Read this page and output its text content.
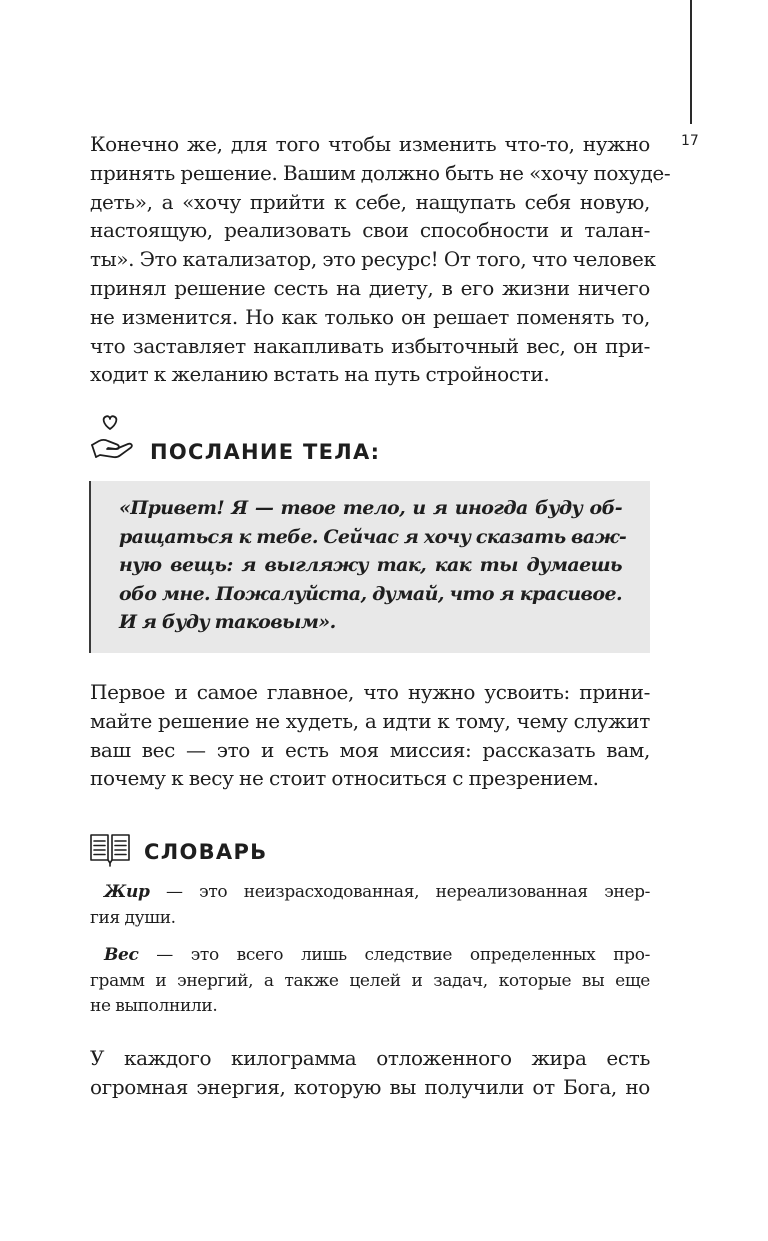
17

Конечно же, для того чтобы изменить что-то, нужно
принять решение. Вашим должно быть не «хочу похуде-
деть», а «хочу прийти к себе, нащупать себя новую,
настоящую, реализовать свои способности и талан-
ты». Это катализатор, это ресурс! От того, что человек
принял решение сесть на диету, в его жизни ничего
не изменится. Но как только он решает поменять то,
что заставляет накапливать избыточный вес, он при-
ходит к желанию встать на путь стройности.

ПОСЛАНИЕ ТЕЛА:

«Привет! Я — твое тело, и я иногда буду об-
ращаться к тебе. Сейчас я хочу сказать важ-
ную вещь: я выгляжу так, как ты думаешь
обо мне. Пожалуйста, думай, что я красивое.
И я буду таковым».

Первое и самое главное, что нужно усвоить: прини-
майте решение не худеть, а идти к тому, чему служит
ваш вес — это и есть моя миссия: рассказать вам,
почему к весу не стоит относиться с презрением.

СЛОВАРЬ

Жир — это неизрасходованная, нереализованная энер-
гия души.

Вес — это всего лишь следствие определенных про-
грамм и энергий, а также целей и задач, которые вы еще
не выполнили.

У каждого килограмма отложенного жира есть
огромная энергия, которую вы получили от Бога, но
